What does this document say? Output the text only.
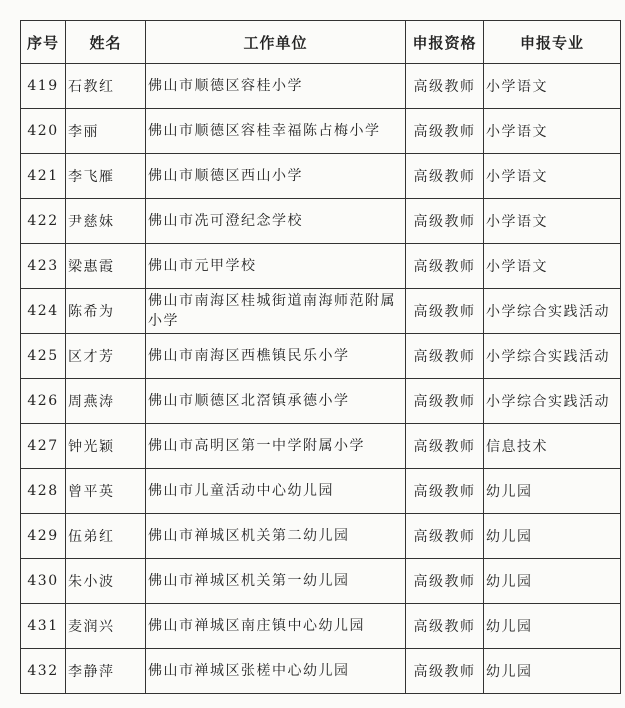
序号	姓名	工作单位	申报资格	申报专业
419	石教红	佛山市顺德区容桂小学	高级教师	小学语文
420	李丽	佛山市顺德区容桂幸福陈占梅小学	高级教师	小学语文
421	李飞雁	佛山市顺德区西山小学	高级教师	小学语文
422	尹慈妹	佛山市冼可澄纪念学校	高级教师	小学语文
423	梁惠霞	佛山市元甲学校	高级教师	小学语文
424	陈希为	佛山市南海区桂城街道南海师范附属小学	高级教师	小学综合实践活动
425	区才芳	佛山市南海区西樵镇民乐小学	高级教师	小学综合实践活动
426	周燕涛	佛山市顺德区北滘镇承德小学	高级教师	小学综合实践活动
427	钟光颖	佛山市高明区第一中学附属小学	高级教师	信息技术
428	曾平英	佛山市儿童活动中心幼儿园	高级教师	幼儿园
429	伍弟红	佛山市禅城区机关第二幼儿园	高级教师	幼儿园
430	朱小波	佛山市禅城区机关第一幼儿园	高级教师	幼儿园
431	麦润兴	佛山市禅城区南庄镇中心幼儿园	高级教师	幼儿园
432	李静萍	佛山市禅城区张槎中心幼儿园	高级教师	幼儿园
